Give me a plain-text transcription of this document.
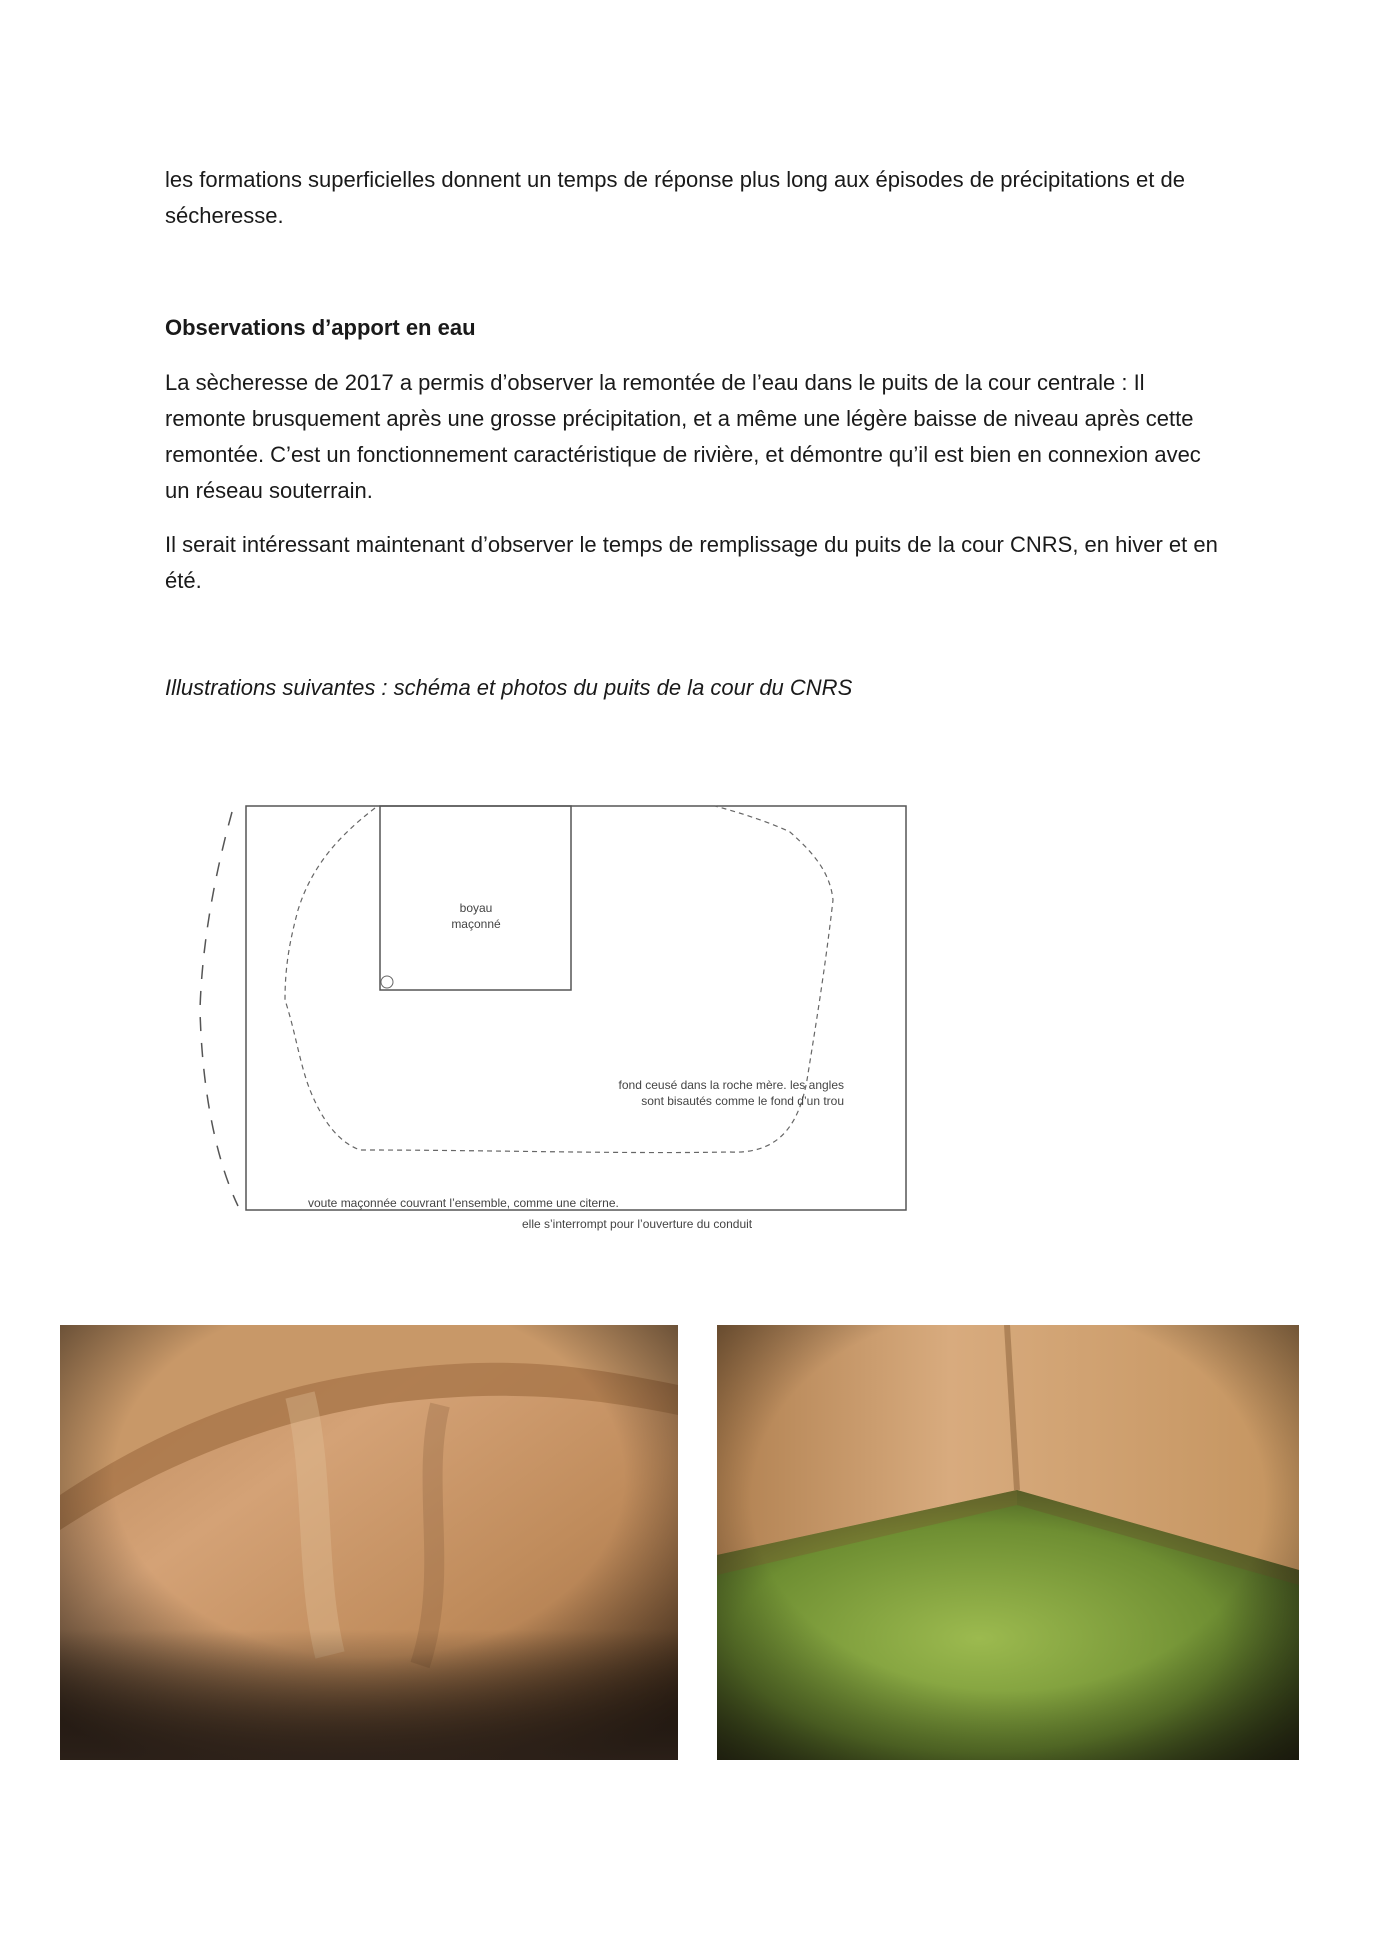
les formations superficielles donnent un temps de réponse plus long aux épisodes de précipitations et de sécheresse.
Observations d’apport en eau
La sècheresse de 2017 a permis d’observer la remontée de l’eau dans le puits de la cour centrale : Il remonte brusquement après une grosse précipitation, et a même une légère baisse de niveau après cette remontée. C’est un fonctionnement caractéristique de rivière, et démontre qu’il est bien en connexion avec un réseau souterrain.
Il serait intéressant maintenant d’observer le temps de remplissage du puits de la cour CNRS, en hiver et en été.
Illustrations suivantes : schéma et photos du puits de la cour du CNRS
boyau
maçonné
fond ceusé dans la roche mère. les angles
sont bisautés comme le fond d’un trou
voute maçonnée couvrant l’ensemble, comme une citerne.
elle s’interrompt pour l’ouverture du conduit
